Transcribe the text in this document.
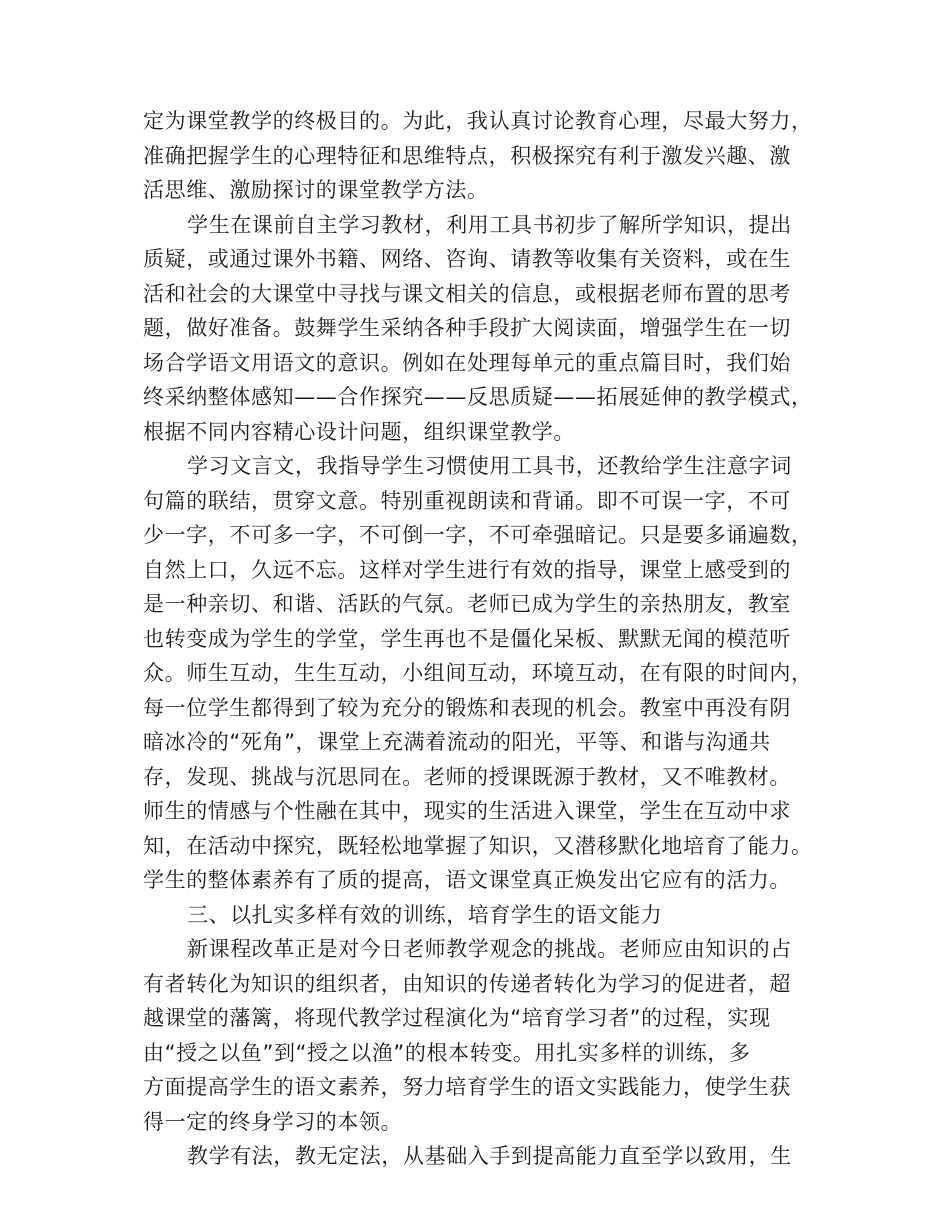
定为课堂教学的终极目的。为此，我认真讨论教育心理，尽最大努力，
准确把握学生的心理特征和思维特点，积极探究有利于激发兴趣、激
活思维、激励探讨的课堂教学方法。
学生在课前自主学习教材，利用工具书初步了解所学知识，提出
质疑，或通过课外书籍、网络、咨询、请教等收集有关资料，或在生
活和社会的大课堂中寻找与课文相关的信息，或根据老师布置的思考
题，做好准备。鼓舞学生采纳各种手段扩大阅读面，增强学生在一切
场合学语文用语文的意识。例如在处理每单元的重点篇目时，我们始
终采纳整体感知——合作探究——反思质疑——拓展延伸的教学模式，
根据不同内容精心设计问题，组织课堂教学。
学习文言文，我指导学生习惯使用工具书，还教给学生注意字词
句篇的联结，贯穿文意。特别重视朗读和背诵。即不可误一字，不可
少一字，不可多一字，不可倒一字，不可牵强暗记。只是要多诵遍数，
自然上口，久远不忘。这样对学生进行有效的指导，课堂上感受到的
是一种亲切、和谐、活跃的气氛。老师已成为学生的亲热朋友，教室
也转变成为学生的学堂，学生再也不是僵化呆板、默默无闻的模范听
众。师生互动，生生互动，小组间互动，环境互动，在有限的时间内，
每一位学生都得到了较为充分的锻炼和表现的机会。教室中再没有阴
暗冰冷的“死角”，课堂上充满着流动的阳光，平等、和谐与沟通共
存，发现、挑战与沉思同在。老师的授课既源于教材，又不唯教材。
师生的情感与个性融在其中，现实的生活进入课堂，学生在互动中求
知，在活动中探究，既轻松地掌握了知识，又潜移默化地培育了能力。
学生的整体素养有了质的提高，语文课堂真正焕发出它应有的活力。
三、以扎实多样有效的训练，培育学生的语文能力
新课程改革正是对今日老师教学观念的挑战。老师应由知识的占
有者转化为知识的组织者，由知识的传递者转化为学习的促进者，超
越课堂的藩篱，将现代教学过程演化为“培育学习者”的过程，实现
由“授之以鱼”到“授之以渔”的根本转变。用扎实多样的训练，多
方面提高学生的语文素养，努力培育学生的语文实践能力，使学生获
得一定的终身学习的本领。
教学有法，教无定法，从基础入手到提高能力直至学以致用，生
